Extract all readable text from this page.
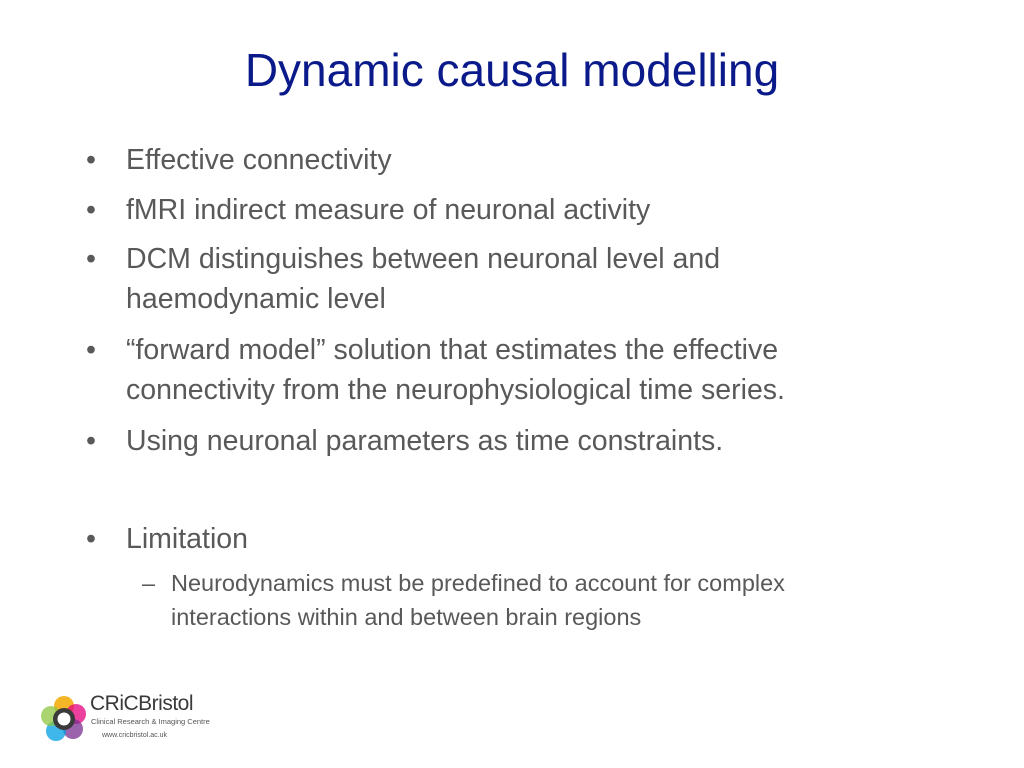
Dynamic causal modelling
• Effective connectivity
• fMRI indirect measure of neuronal activity
• DCM distinguishes between neuronal level and
haemodynamic level
• “forward model” solution that estimates the effective
connectivity from the neurophysiological time series.
• Using neuronal parameters as time constraints.
• Limitation
– Neurodynamics must be predefined to account for complex
interactions within and between brain regions
CRiCBristol
Clinical Research & Imaging Centre
www.cricbristol.ac.uk
